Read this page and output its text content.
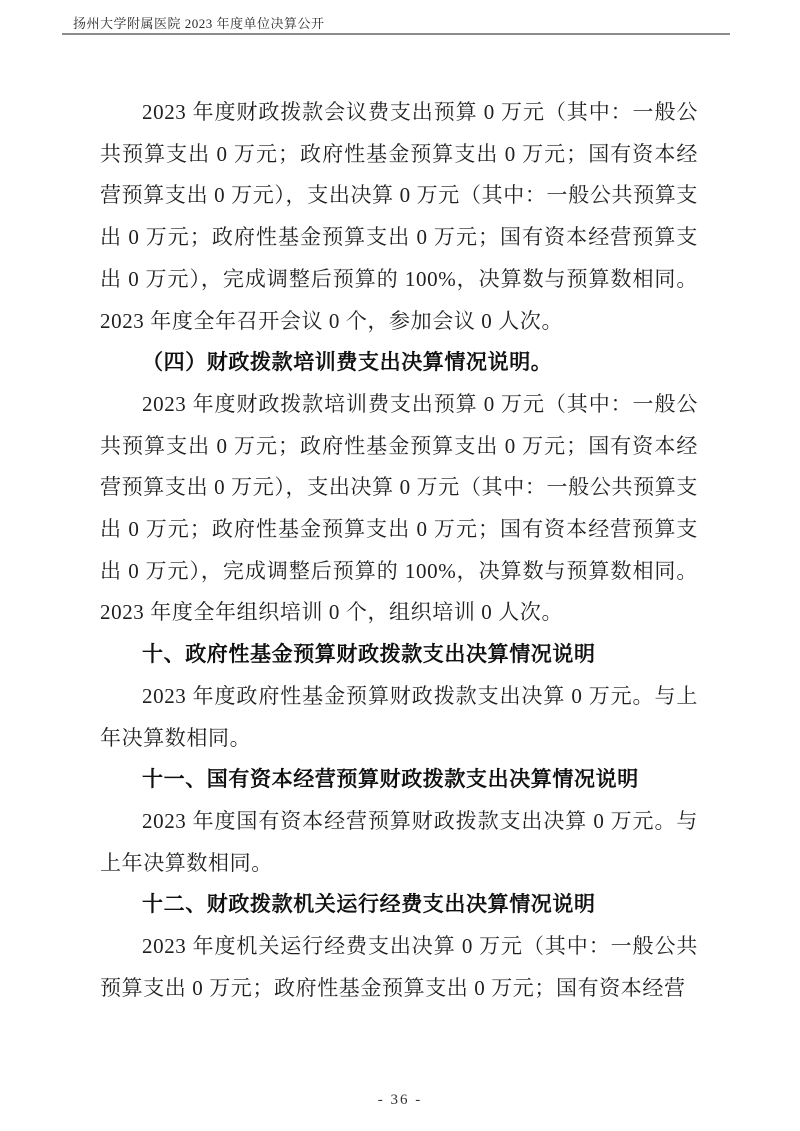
扬州大学附属医院 2023 年度单位决算公开

2023 年度财政拨款会议费支出预算 0 万元（其中：一般公共预算支出 0 万元；政府性基金预算支出 0 万元；国有资本经营预算支出 0 万元），支出决算 0 万元（其中：一般公共预算支出 0 万元；政府性基金预算支出 0 万元；国有资本经营预算支出 0 万元），完成调整后预算的 100%，决算数与预算数相同。2023 年度全年召开会议 0 个，参加会议 0 人次。

（四）财政拨款培训费支出决算情况说明。

2023 年度财政拨款培训费支出预算 0 万元（其中：一般公共预算支出 0 万元；政府性基金预算支出 0 万元；国有资本经营预算支出 0 万元），支出决算 0 万元（其中：一般公共预算支出 0 万元；政府性基金预算支出 0 万元；国有资本经营预算支出 0 万元），完成调整后预算的 100%，决算数与预算数相同。2023 年度全年组织培训 0 个，组织培训 0 人次。

十、政府性基金预算财政拨款支出决算情况说明

2023 年度政府性基金预算财政拨款支出决算 0 万元。与上年决算数相同。

十一、国有资本经营预算财政拨款支出决算情况说明

2023 年度国有资本经营预算财政拨款支出决算 0 万元。与上年决算数相同。

十二、财政拨款机关运行经费支出决算情况说明

2023 年度机关运行经费支出决算 0 万元（其中：一般公共预算支出 0 万元；政府性基金预算支出 0 万元；国有资本经营

- 36 -
